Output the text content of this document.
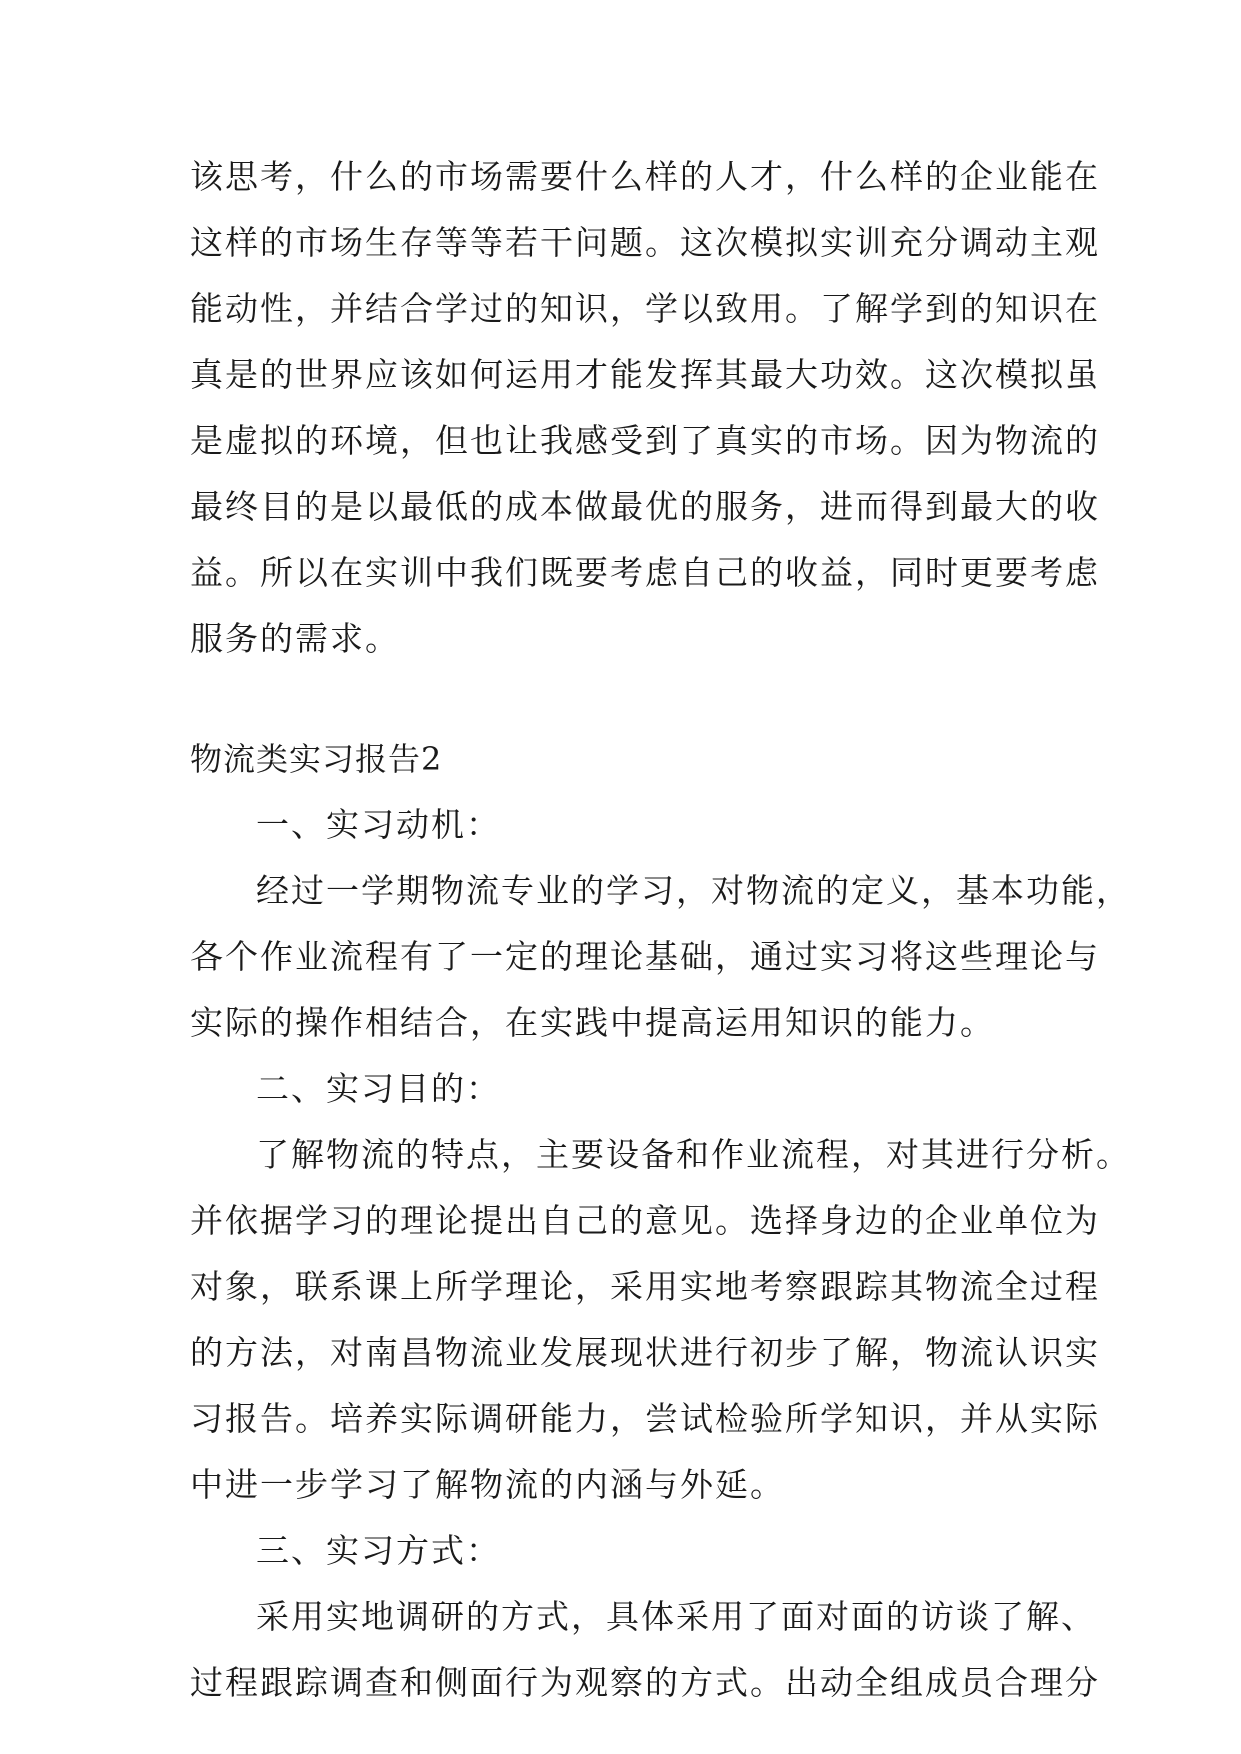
该思考，什么的市场需要什么样的人才，什么样的企业能在
这样的市场生存等等若干问题。这次模拟实训充分调动主观
能动性，并结合学过的知识，学以致用。了解学到的知识在
真是的世界应该如何运用才能发挥其最大功效。这次模拟虽
是虚拟的环境，但也让我感受到了真实的市场。因为物流的
最终目的是以最低的成本做最优的服务，进而得到最大的收
益。所以在实训中我们既要考虑自己的收益，同时更要考虑
服务的需求。
物流类实习报告2
一、实习动机：
经过一学期物流专业的学习，对物流的定义，基本功能，
各个作业流程有了一定的理论基础，通过实习将这些理论与
实际的操作相结合，在实践中提高运用知识的能力。
二、实习目的：
了解物流的特点，主要设备和作业流程，对其进行分析。
并依据学习的理论提出自己的意见。选择身边的企业单位为
对象，联系课上所学理论，采用实地考察跟踪其物流全过程
的方法，对南昌物流业发展现状进行初步了解，物流认识实
习报告。培养实际调研能力，尝试检验所学知识，并从实际
中进一步学习了解物流的内涵与外延。
三、实习方式：
采用实地调研的方式，具体采用了面对面的访谈了解、
过程跟踪调查和侧面行为观察的方式。出动全组成员合理分
